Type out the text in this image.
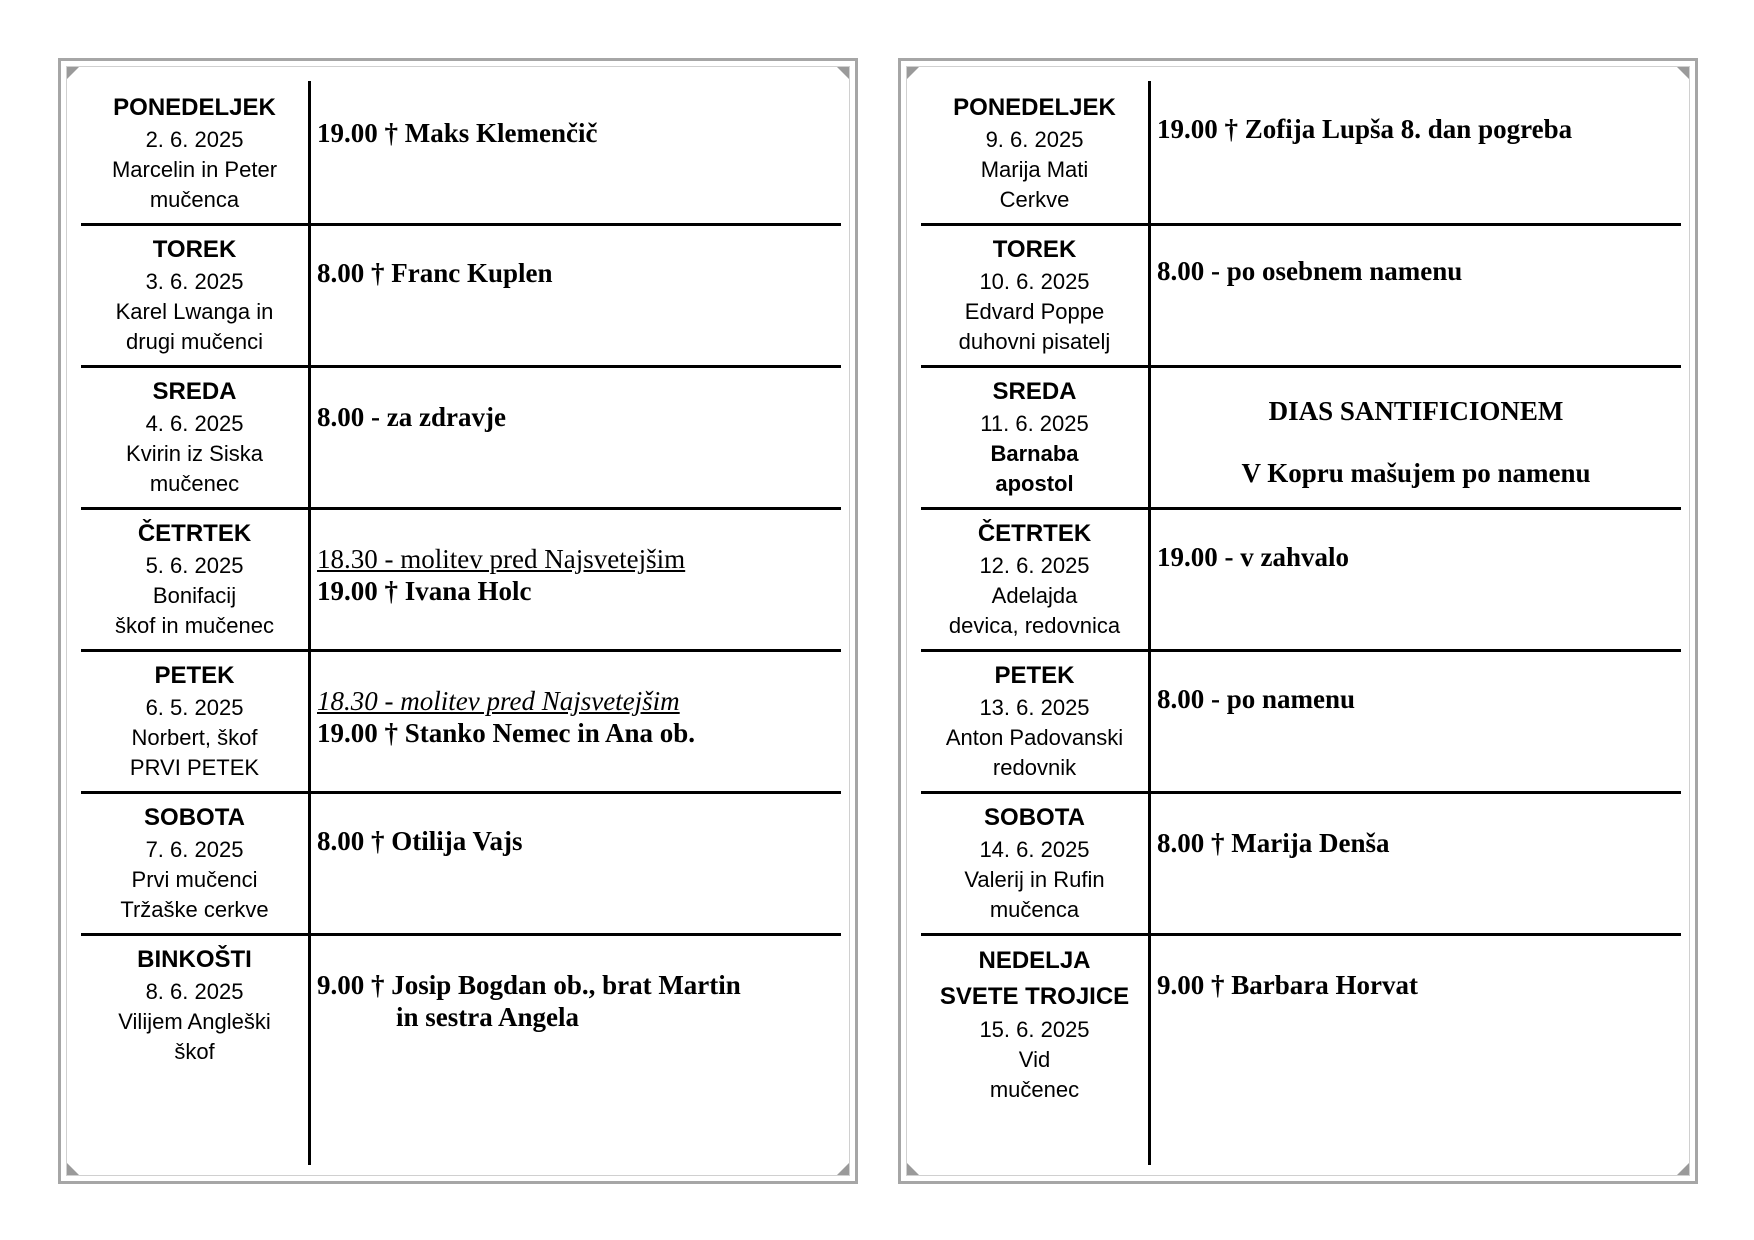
PONEDELJEK
2. 6. 2025
Marcelin in Peter
mučenca
19.00 † Maks Klemenčič
TOREK
3. 6. 2025
Karel Lwanga in
drugi mučenci
8.00 † Franc Kuplen
SREDA
4. 6. 2025
Kvirin iz Siska
mučenec
8.00 - za zdravje
ČETRTEK
5. 6. 2025
Bonifacij
škof in mučenec
18.30 - molitev pred Najsvetejšim
19.00 † Ivana Holc
PETEK
6. 5. 2025
Norbert, škof
PRVI PETEK
18.30 - molitev pred Najsvetejšim
19.00 † Stanko Nemec in Ana ob.
SOBOTA
7. 6. 2025
Prvi mučenci
Tržaške cerkve
8.00 † Otilija Vajs
BINKOŠTI
8. 6. 2025
Vilijem Angleški
škof
9.00 † Josip Bogdan ob., brat Martin
in sestra Angela
PONEDELJEK
9. 6. 2025
Marija Mati
Cerkve
19.00 † Zofija Lupša 8. dan pogreba
TOREK
10. 6. 2025
Edvard Poppe
duhovni pisatelj
8.00 - po osebnem namenu
SREDA
11. 6. 2025
Barnaba
apostol
DIAS SANTIFICIONEM
V Kopru mašujem po namenu
ČETRTEK
12. 6. 2025
Adelajda
devica, redovnica
19.00 - v zahvalo
PETEK
13. 6. 2025
Anton Padovanski
redovnik
8.00 - po namenu
SOBOTA
14. 6. 2025
Valerij in Rufin
mučenca
8.00 † Marija Denša
NEDELJA
SVETE TROJICE
15. 6. 2025
Vid
mučenec
9.00 † Barbara Horvat
